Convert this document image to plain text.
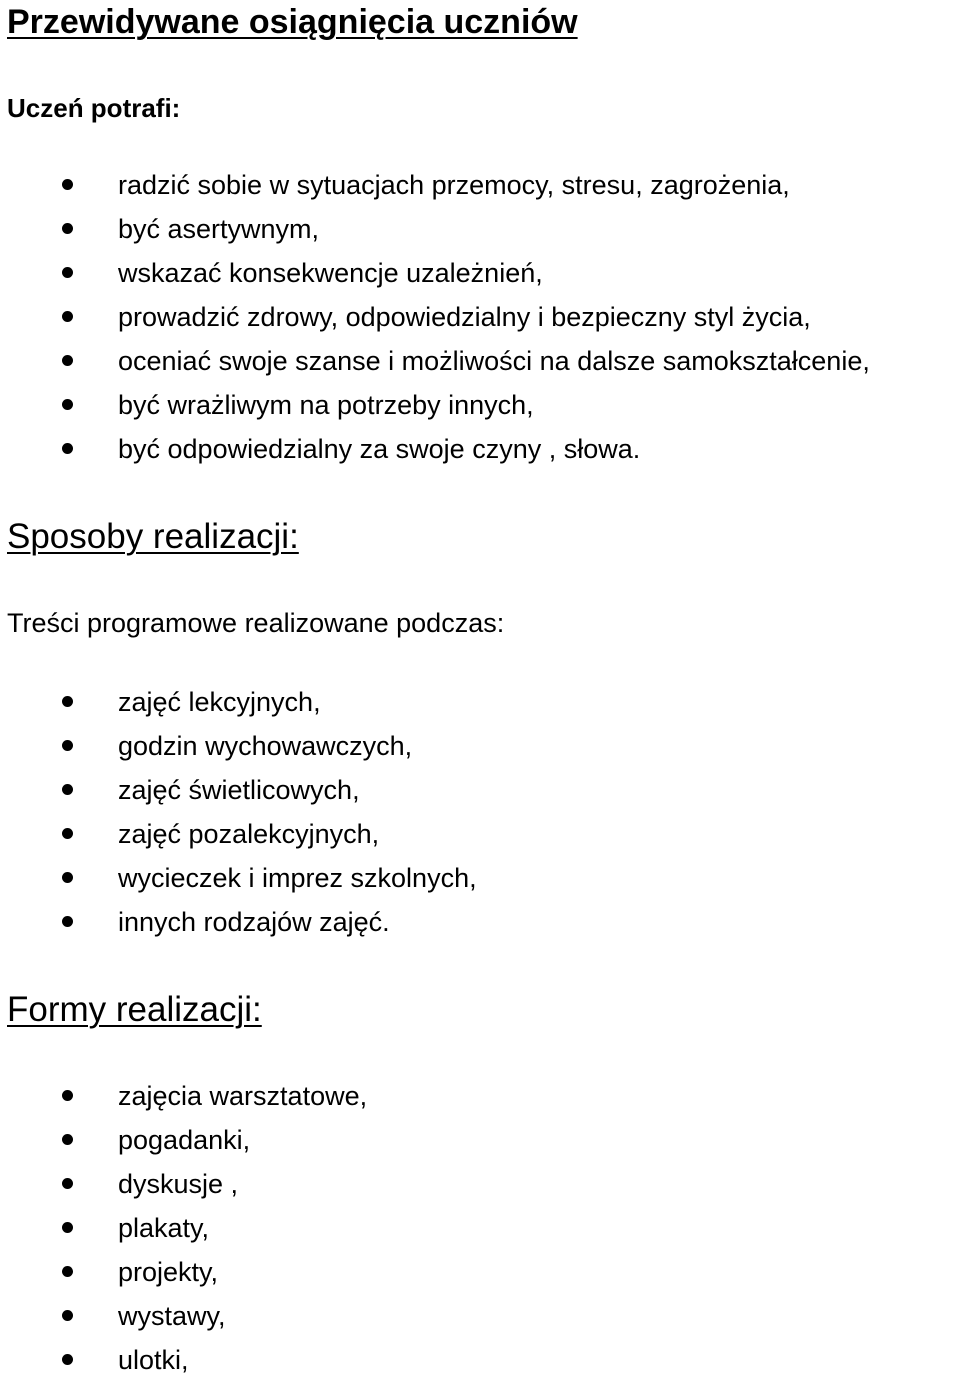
Przewidywane osiągnięcia uczniów

Uczeń potrafi:

radzić sobie w sytuacjach przemocy, stresu, zagrożenia,
być asertywnym,
wskazać konsekwencje uzależnień,
prowadzić zdrowy, odpowiedzialny i bezpieczny styl życia,
oceniać swoje szanse i możliwości na dalsze samokształcenie,
być wrażliwym na potrzeby innych,
być odpowiedzialny za swoje czyny , słowa.
Sposoby realizacji:

Treści programowe realizowane podczas:

zajęć lekcyjnych,
godzin wychowawczych,
zajęć świetlicowych,
zajęć pozalekcyjnych,
wycieczek i imprez szkolnych,
innych rodzajów zajęć.
Formy realizacji:
zajęcia warsztatowe,
pogadanki,
dyskusje ,
plakaty,
projekty,
wystawy,
ulotki,
